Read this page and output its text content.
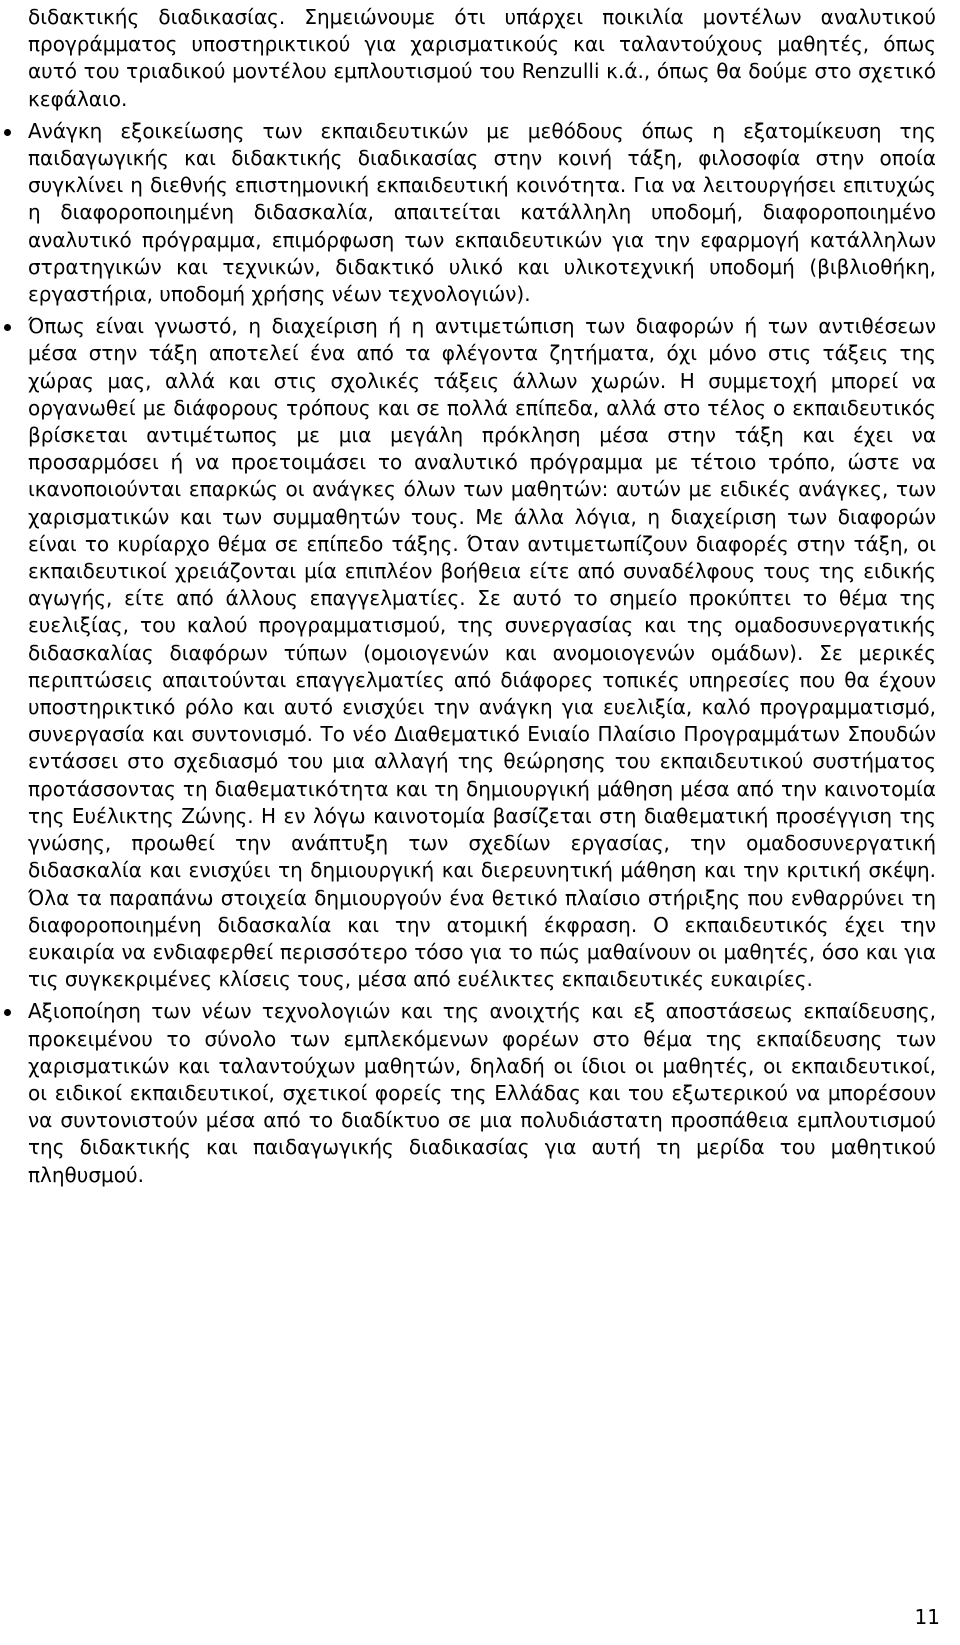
διδακτικής διαδικασίας. Σημειώνουμε ότι υπάρχει ποικιλία μοντέλων αναλυτικού προγράμματος υποστηρικτικού για χαρισματικούς και ταλαντούχους μαθητές, όπως αυτό του τριαδικού μοντέλου εμπλουτισμού του Renzulli κ.ά., όπως θα δούμε στο σχετικό κεφάλαιο.

Ανάγκη εξοικείωσης των εκπαιδευτικών με μεθόδους όπως η εξατομίκευση της παιδαγωγικής και διδακτικής διαδικασίας στην κοινή τάξη, φιλοσοφία στην οποία συγκλίνει η διεθνής επιστημονική εκπαιδευτική κοινότητα. Για να λειτουργήσει επιτυχώς η διαφοροποιημένη διδασκαλία, απαιτείται κατάλληλη υποδομή, διαφοροποιημένο αναλυτικό πρόγραμμα, επιμόρφωση των εκπαιδευτικών για την εφαρμογή κατάλληλων στρατηγικών και τεχνικών, διδακτικό υλικό και υλικοτεχνική υποδομή (βιβλιοθήκη, εργαστήρια, υποδομή χρήσης νέων τεχνολογιών).

Όπως είναι γνωστό, η διαχείριση ή η αντιμετώπιση των διαφορών ή των αντιθέσεων μέσα στην τάξη αποτελεί ένα από τα φλέγοντα ζητήματα, όχι μόνο στις τάξεις της χώρας μας, αλλά και στις σχολικές τάξεις άλλων χωρών. Η συμμετοχή μπορεί να οργανωθεί με διάφορους τρόπους και σε πολλά επίπεδα, αλλά στο τέλος ο εκπαιδευτικός βρίσκεται αντιμέτωπος με μια μεγάλη πρόκληση μέσα στην τάξη και έχει να προσαρμόσει ή να προετοιμάσει το αναλυτικό πρόγραμμα με τέτοιο τρόπο, ώστε να ικανοποιούνται επαρκώς οι ανάγκες όλων των μαθητών: αυτών με ειδικές ανάγκες, των χαρισματικών και των συμμαθητών τους. Με άλλα λόγια, η διαχείριση των διαφορών είναι το κυρίαρχο θέμα σε επίπεδο τάξης. Όταν αντιμετωπίζουν διαφορές στην τάξη, οι εκπαιδευτικοί χρειάζονται μία επιπλέον βοήθεια είτε από συναδέλφους τους της ειδικής αγωγής, είτε από άλλους επαγγελματίες. Σε αυτό το σημείο προκύπτει το θέμα της ευελιξίας, του καλού προγραμματισμού, της συνεργασίας και της ομαδοσυνεργατικής διδασκαλίας διαφόρων τύπων (ομοιογενών και ανομοιογενών ομάδων). Σε μερικές περιπτώσεις απαιτούνται επαγγελματίες από διάφορες τοπικές υπηρεσίες που θα έχουν υποστηρικτικό ρόλο και αυτό ενισχύει την ανάγκη για ευελιξία, καλό προγραμματισμό, συνεργασία και συντονισμό. Το νέο Διαθεματικό Ενιαίο Πλαίσιο Προγραμμάτων Σπουδών εντάσσει στο σχεδιασμό του μια αλλαγή της θεώρησης του εκπαιδευτικού συστήματος προτάσσοντας τη διαθεματικότητα και τη δημιουργική μάθηση μέσα από την καινοτομία της Ευέλικτης Ζώνης. Η εν λόγω καινοτομία βασίζεται στη διαθεματική προσέγγιση της γνώσης, προωθεί την ανάπτυξη των σχεδίων εργασίας, την ομαδοσυνεργατική διδασκαλία και ενισχύει τη δημιουργική και διερευνητική μάθηση και την κριτική σκέψη. Όλα τα παραπάνω στοιχεία δημιουργούν ένα θετικό πλαίσιο στήριξης που ενθαρρύνει τη διαφοροποιημένη διδασκαλία και την ατομική έκφραση. Ο εκπαιδευτικός έχει την ευκαιρία να ενδιαφερθεί περισσότερο τόσο για το πώς μαθαίνουν οι μαθητές, όσο και για τις συγκεκριμένες κλίσεις τους, μέσα από ευέλικτες εκπαιδευτικές ευκαιρίες.

Αξιοποίηση των νέων τεχνολογιών και της ανοιχτής και εξ αποστάσεως εκπαίδευσης, προκειμένου το σύνολο των εμπλεκόμενων φορέων στο θέμα της εκπαίδευσης των χαρισματικών και ταλαντούχων μαθητών, δηλαδή οι ίδιοι οι μαθητές, οι εκπαιδευτικοί, οι ειδικοί εκπαιδευτικοί, σχετικοί φορείς της Ελλάδας και του εξωτερικού να μπορέσουν να συντονιστούν μέσα από το διαδίκτυο σε μια πολυδιάστατη προσπάθεια εμπλουτισμού της διδακτικής και παιδαγωγικής διαδικασίας για αυτή τη μερίδα του μαθητικού πληθυσμού.

11
